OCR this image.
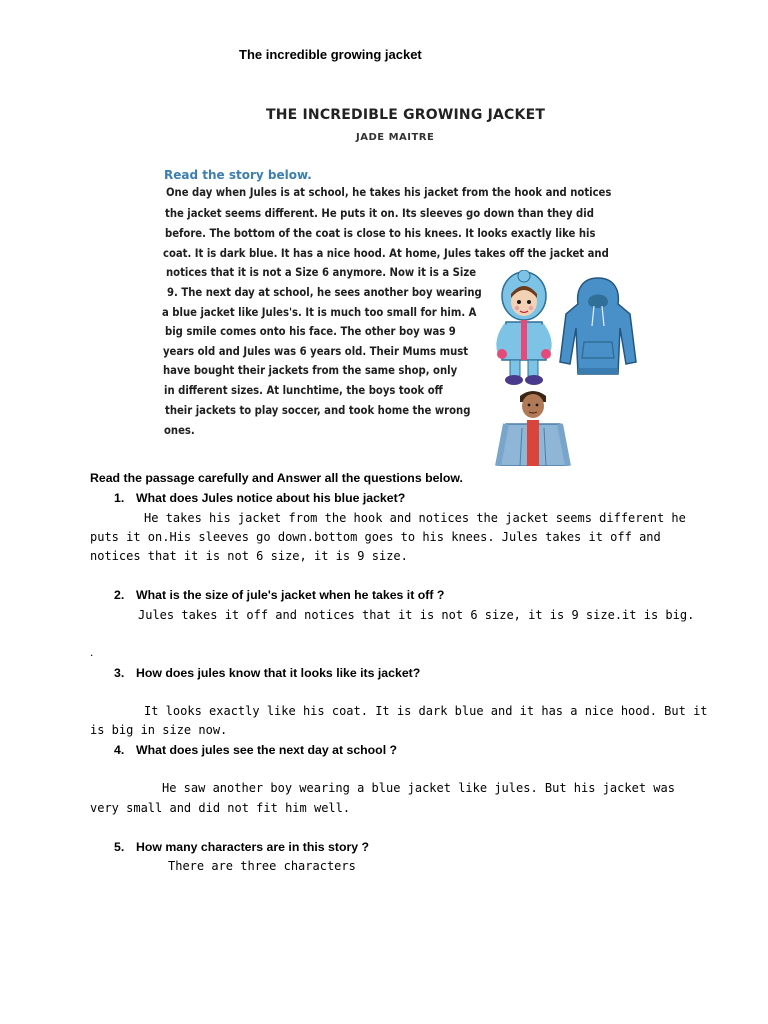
The incredible growing jacket
THE INCREDIBLE GROWING JACKET
JADE MAITRE
Read the story below.
One day when Jules is at school, he takes his jacket from the hook and notices
the jacket seems different. He puts it on. Its sleeves go down than they did
before. The bottom of the coat is close to his knees. It looks exactly like his
coat. It is dark blue. It has a nice hood. At home, Jules takes off the jacket and
notices that it is not a Size 6 anymore. Now it is a Size
9. The next day at school, he sees another boy wearing
a blue jacket like Jules's. It is much too small for him. A
big smile comes onto his face. The other boy was 9
years old and Jules was 6 years old. Their Mums must
have bought their jackets from the same shop, only
in different sizes. At lunchtime, the boys took off
their jackets to play soccer, and took home the wrong
ones.
Read the passage carefully and Answer all the questions below.
1. What does Jules notice about his blue jacket?
He takes his jacket from the hook and notices the jacket seems different he
puts it on.His sleeves go down.bottom goes to his knees. Jules takes it off and
notices that it is not 6 size, it is 9 size.
2. What is the size of jule's jacket when he takes it off ?
Jules takes it off and notices that it is not 6 size, it is 9 size.it is big.
.
3. How does jules know that it looks like its jacket?
It looks exactly like his coat. It is dark blue and it has a nice hood. But it
is big in size now.
4. What does jules see the next day at school ?
He saw another boy wearing a blue jacket like jules. But his jacket was
very small and did not fit him well.
5. How many characters are in this story ?
There are three characters
